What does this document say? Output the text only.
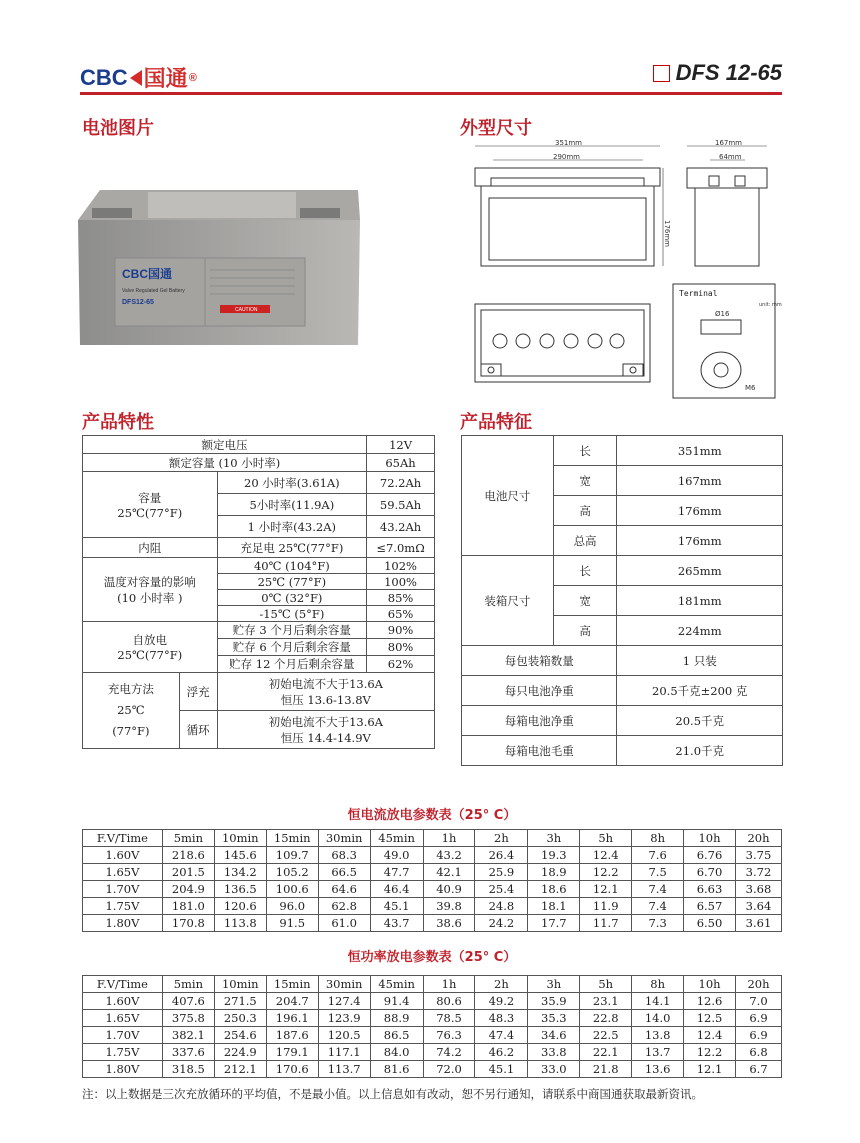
CBC 国通 ®	DFS 12-65
电池图片	外型尺寸
产品特性	产品特征
CBC国通
Valve Regulated Gel Battery
DFS12-65
CAUTION
351mm
290mm
176mm
167mm
64mm
Terminal
unit: mm
Ø16
M6
额定电压			12V
额定容量 (10 小时率)			65Ah
容量
25℃(77°F)		20 小时率(3.61A)	72.2Ah
		5小时率(11.9A)	59.5Ah
		1 小时率(43.2A)	43.2Ah
内阻		充足电 25℃(77°F)	≤7.0mΩ
温度对容量的影响
(10 小时率 )		40℃ (104°F)	102%
		25℃ (77°F)	100%
		0℃ (32°F)	85%
		-15℃ (5°F)	65%
自放电
25℃(77°F)		贮存 3 个月后剩余容量	90%
		贮存 6 个月后剩余容量	80%
		贮存 12 个月后剩余容量	62%
充电方法
25℃
(77°F)	浮充	初始电流不大于13.6A
恒压 13.6-13.8V	
	循环	初始电流不大于13.6A
恒压 14.4-14.9V	
电池尺寸	长	351mm
	宽	167mm
	高	176mm
	总高	176mm
装箱尺寸	长	265mm
	宽	181mm
	高	224mm
每包装箱数量		1 只装
每只电池净重		20.5千克±200 克
每箱电池净重		20.5千克
每箱电池毛重		21.0千克
恒电流放电参数表（25° C）
F.V/Time	5min	10min	15min	30min	45min	1h	2h	3h	5h	8h	10h	20h
1.60V	218.6	145.6	109.7	68.3	49.0	43.2	26.4	19.3	12.4	7.6	6.76	3.75
1.65V	201.5	134.2	105.2	66.5	47.7	42.1	25.9	18.9	12.2	7.5	6.70	3.72
1.70V	204.9	136.5	100.6	64.6	46.4	40.9	25.4	18.6	12.1	7.4	6.63	3.68
1.75V	181.0	120.6	96.0	62.8	45.1	39.8	24.8	18.1	11.9	7.4	6.57	3.64
1.80V	170.8	113.8	91.5	61.0	43.7	38.6	24.2	17.7	11.7	7.3	6.50	3.61
恒功率放电参数表（25° C）
F.V/Time	5min	10min	15min	30min	45min	1h	2h	3h	5h	8h	10h	20h
1.60V	407.6	271.5	204.7	127.4	91.4	80.6	49.2	35.9	23.1	14.1	12.6	7.0
1.65V	375.8	250.3	196.1	123.9	88.9	78.5	48.3	35.3	22.8	14.0	12.5	6.9
1.70V	382.1	254.6	187.6	120.5	86.5	76.3	47.4	34.6	22.5	13.8	12.4	6.9
1.75V	337.6	224.9	179.1	117.1	84.0	74.2	46.2	33.8	22.1	13.7	12.2	6.8
1.80V	318.5	212.1	170.6	113.7	81.6	72.0	45.1	33.0	21.8	13.6	12.1	6.7
注：以上数据是三次充放循环的平均值，不是最小值。以上信息如有改动，恕不另行通知，请联系中商国通获取最新资讯。
